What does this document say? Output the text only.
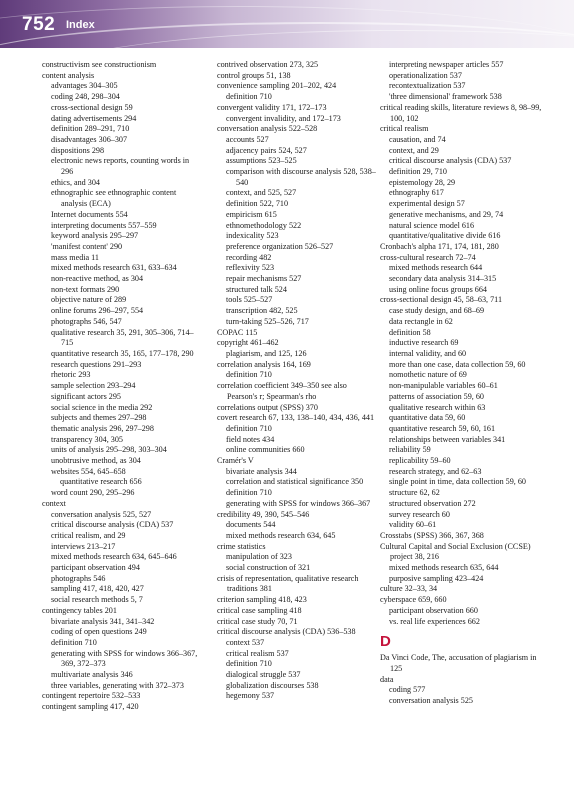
752 Index
constructivism see constructionism
content analysis
advantages 304–305
coding 248, 298–304
cross-sectional design 59
dating advertisements 294
definition 289–291, 710
disadvantages 306–307
dispositions 298
electronic news reports, counting words in 296
ethics, and 304
ethnographic see ethnographic content analysis (ECA)
Internet documents 554
interpreting documents 557–559
keyword analysis 295–297
'manifest content' 290
mass media 11
mixed methods research 631, 633–634
non-reactive method, as 304
non-text formats 290
objective nature of 289
online forums 296–297, 554
photographs 546, 547
qualitative research 35, 291, 305–306, 714–715
quantitative research 35, 165, 177–178, 290
research questions 291–293
rhetoric 293
sample selection 293–294
significant actors 295
social science in the media 292
subjects and themes 297–298
thematic analysis 296, 297–298
transparency 304, 305
units of analysis 295–298, 303–304
unobtrusive method, as 304
websites 554, 645–658
quantitative research 656
word count 290, 295–296
context
conversation analysis 525, 527
critical discourse analysis (CDA) 537
critical realism, and 29
interviews 213–217
mixed methods research 634, 645–646
participant observation 494
photographs 546
sampling 417, 418, 420, 427
social research methods 5, 7
contingency tables 201
bivariate analysis 341, 341–342
coding of open questions 249
definition 710
generating with SPSS for windows 366–367, 369, 372–373
multivariate analysis 346
three variables, generating with 372–373
contingent repertoire 532–533
contingent sampling 417, 420
contrived observation 273, 325
control groups 51, 138
convenience sampling 201–202, 424
definition 710
convergent validity 171, 172–173
convergent invalidity, and 172–173
conversation analysis 522–528
accounts 527
adjacency pairs 524, 527
assumptions 523–525
comparison with discourse analysis 528, 538–540
context, and 525, 527
definition 522, 710
empiricism 615
ethnomethodology 522
indexicality 523
preference organization 526–527
recording 482
reflexivity 523
repair mechanisms 527
structured talk 524
tools 525–527
transcription 482, 525
turn-taking 525–526, 717
COPAC 115
copyright 461–462
plagiarism, and 125, 126
correlation analysis 164, 169
definition 710
correlation coefficient 349–350 see also Pearson's r; Spearman's rho
correlations output (SPSS) 370
covert research 67, 133, 138–140, 434, 436, 441
definition 710
field notes 434
online communities 660
Cramér's V
bivariate analysis 344
correlation and statistical significance 350
definition 710
generating with SPSS for windows 366–367
credibility 49, 390, 545–546
documents 544
mixed methods research 634, 645
crime statistics
manipulation of 323
social construction of 321
crisis of representation, qualitative research traditions 381
criterion sampling 418, 423
critical case sampling 418
critical case study 70, 71
critical discourse analysis (CDA) 536–538
context 537
critical realism 537
definition 710
dialogical struggle 537
globalization discourses 538
hegemony 537
interpreting newspaper articles 557
operationalization 537
recontextualization 537
'three dimensional' framework 538
critical reading skills, literature reviews 8, 98–99, 100, 102
critical realism
causation, and 74
context, and 29
critical discourse analysis (CDA) 537
definition 29, 710
epistemology 28, 29
ethnography 617
experimental design 57
generative mechanisms, and 29, 74
natural science model 616
quantitative/qualitative divide 616
Cronbach's alpha 171, 174, 181, 280
cross-cultural research 72–74
mixed methods research 644
secondary data analysis 314–315
using online focus groups 664
cross-sectional design 45, 58–63, 711
case study design, and 68–69
data rectangle in 62
definition 58
inductive research 69
internal validity, and 60
more than one case, data collection 59, 60
nomothetic nature of 69
non-manipulable variables 60–61
patterns of association 59, 60
qualitative research within 63
quantitative data 59, 60
quantitative research 59, 60, 161
relationships between variables 341
reliability 59
replicability 59–60
research strategy, and 62–63
single point in time, data collection 59, 60
structure 62, 62
structured observation 272
survey research 60
validity 60–61
Crosstabs (SPSS) 366, 367, 368
Cultural Capital and Social Exclusion (CCSE) project 38, 216
mixed methods research 635, 644
purposive sampling 423–424
culture 32–33, 34
cyberspace 659, 660
participant observation 660
vs. real life experiences 662
D
Da Vinci Code, The, accusation of plagiarism in 125
data
coding 577
conversation analysis 525
